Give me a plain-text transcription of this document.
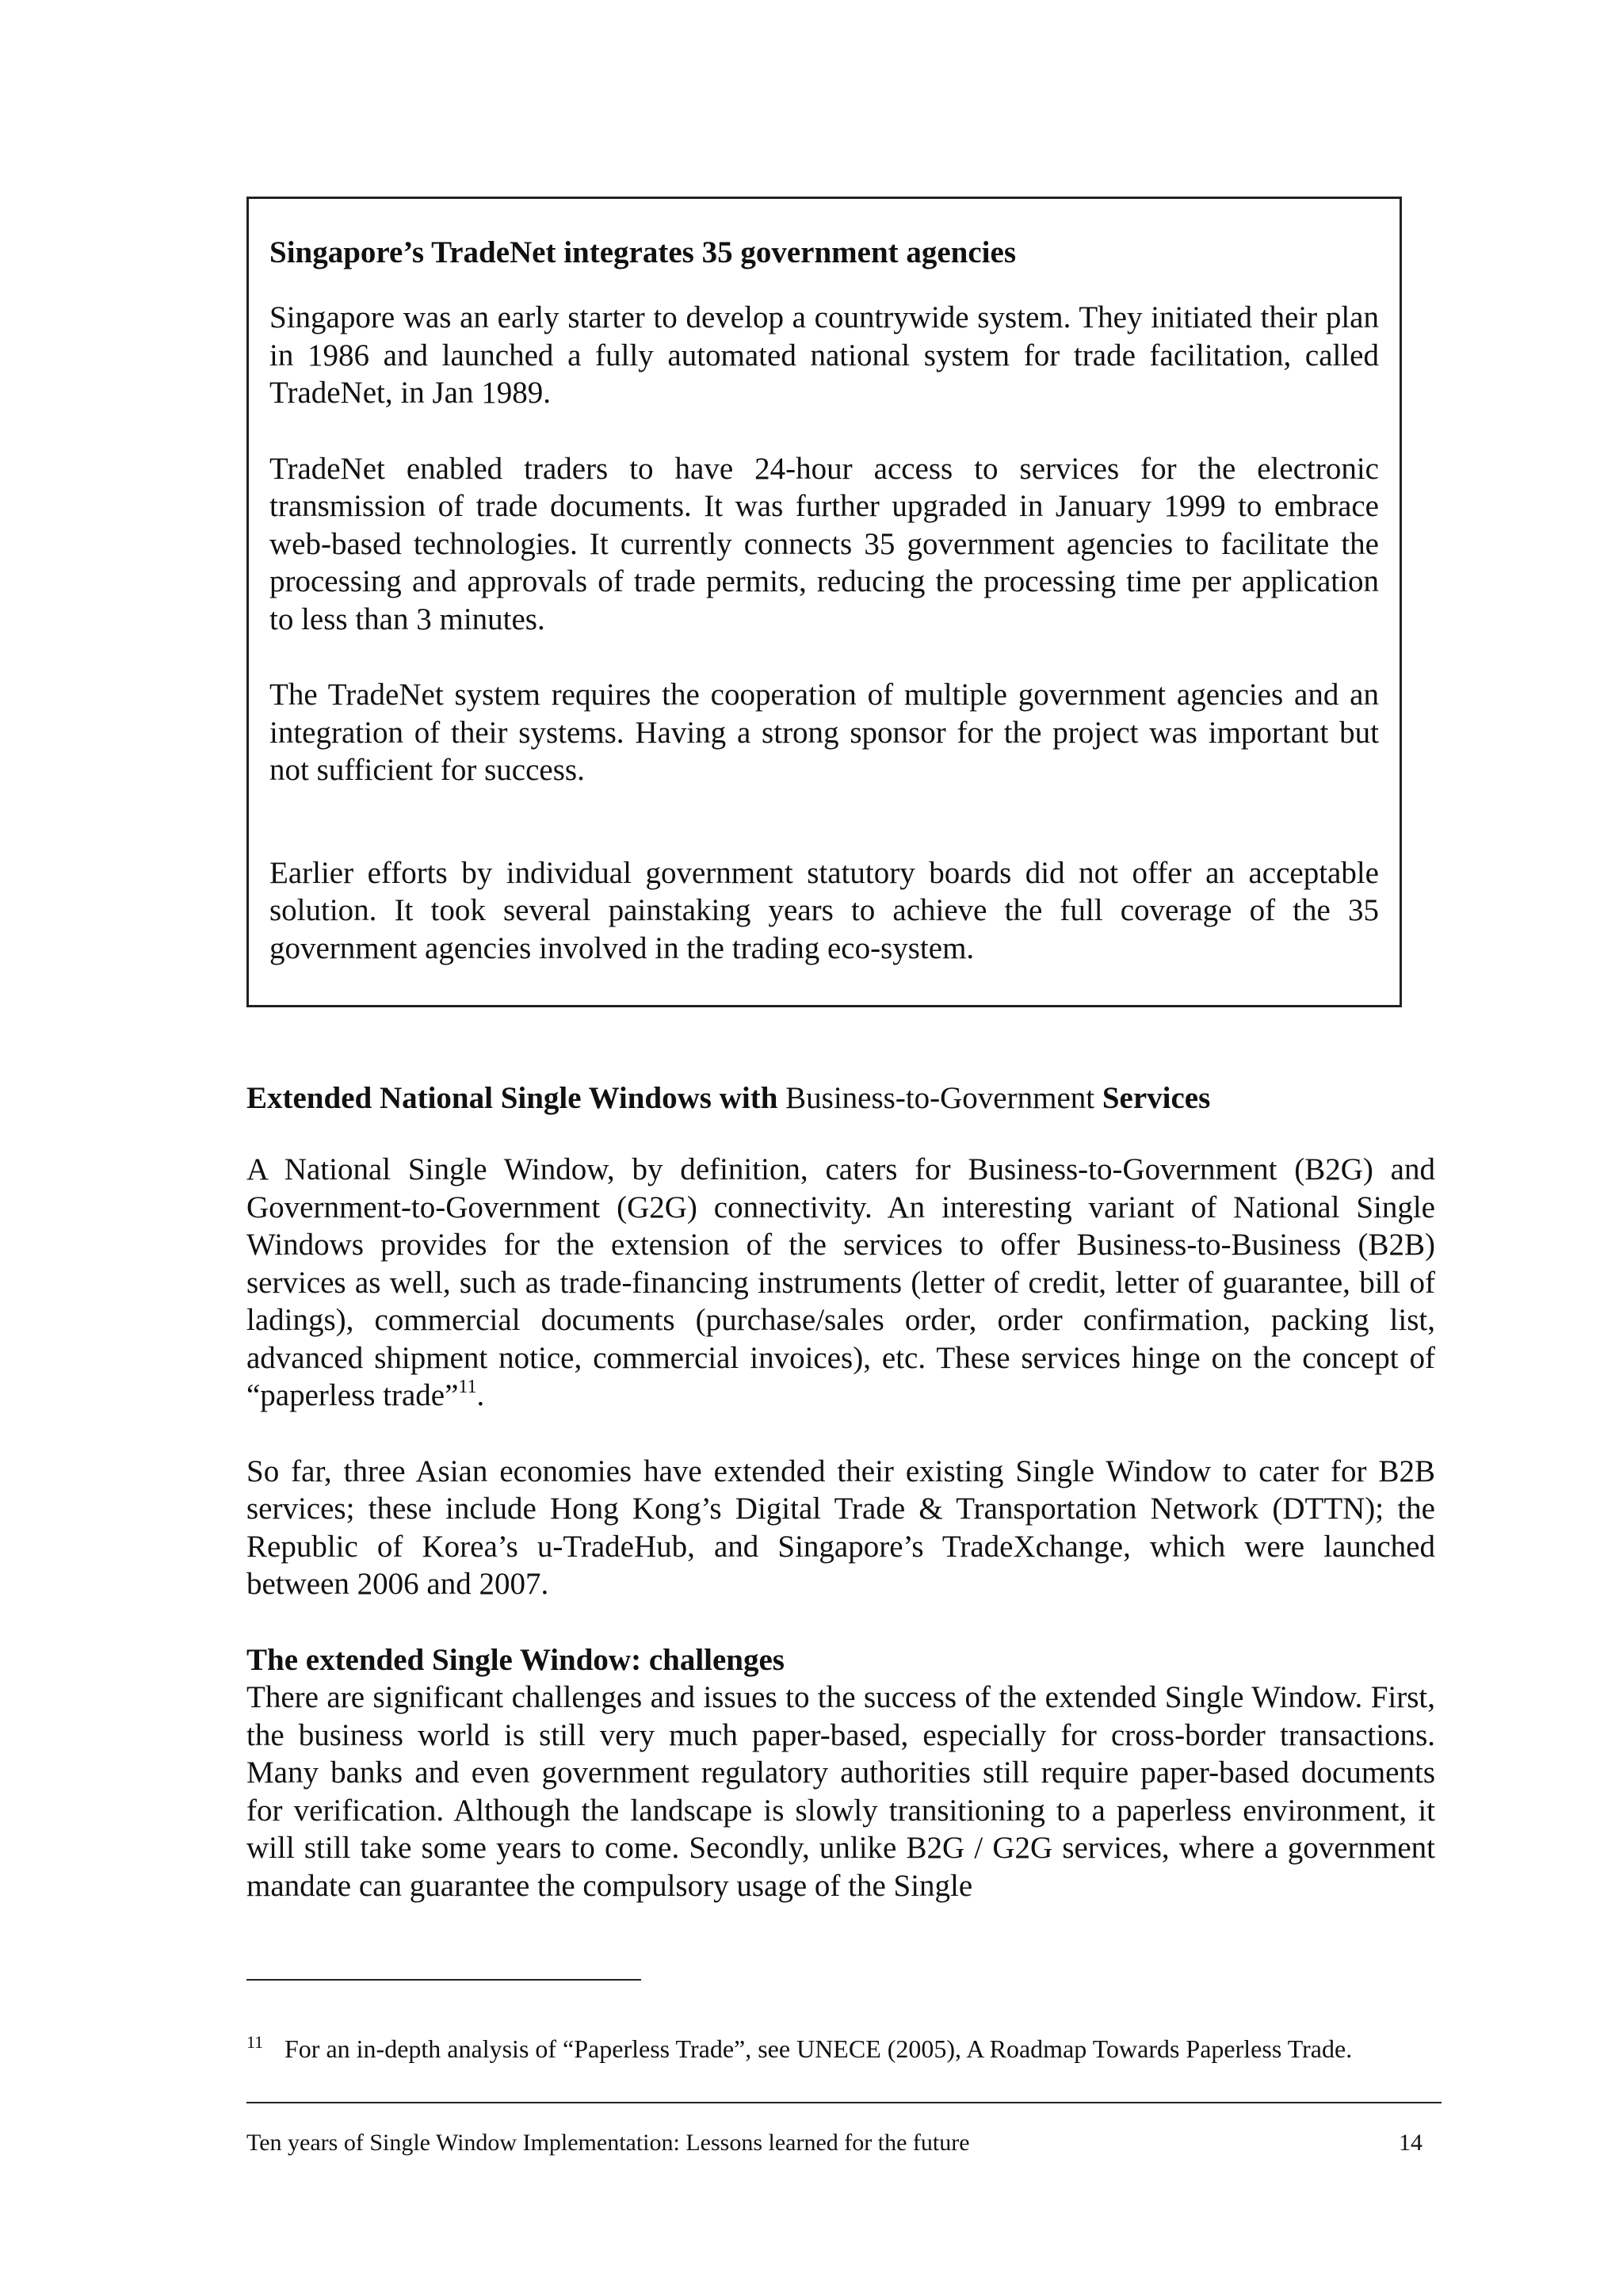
Singapore’s TradeNet integrates 35 government agencies

Singapore was an early starter to develop a countrywide system. They initiated their plan in 1986 and launched a fully automated national system for trade facilitation, called TradeNet, in Jan 1989.

TradeNet enabled traders to have 24-hour access to services for the electronic transmission of trade documents. It was further upgraded in January 1999 to embrace web-based technologies. It currently connects 35 government agencies to facilitate the processing and approvals of trade permits, reducing the processing time per application to less than 3 minutes.

The TradeNet system requires the cooperation of multiple government agencies and an integration of their systems. Having a strong sponsor for the project was important but not sufficient for success.

Earlier efforts by individual government statutory boards did not offer an acceptable solution. It took several painstaking years to achieve the full coverage of the 35 government agencies involved in the trading eco-system.

Extended National Single Windows with Business-to-Government Services

A National Single Window, by definition, caters for Business-to-Government (B2G) and Government-to-Government (G2G) connectivity. An interesting variant of National Single Windows provides for the extension of the services to offer Business-to-Business (B2B) services as well, such as trade-financing instruments (letter of credit, letter of guarantee, bill of ladings), commercial documents (purchase/sales order, order confirmation, packing list, advanced shipment notice, commercial invoices), etc. These services hinge on the concept of “paperless trade”$^{11}$.

So far, three Asian economies have extended their existing Single Window to cater for B2B services; these include Hong Kong’s Digital Trade & Transportation Network (DTTN); the Republic of Korea’s u-TradeHub, and Singapore’s TradeXchange, which were launched between 2006 and 2007.

The extended Single Window: challenges

There are significant challenges and issues to the success of the extended Single Window. First, the business world is still very much paper-based, especially for cross-border transactions. Many banks and even government regulatory authorities still require paper-based documents for verification. Although the landscape is slowly transitioning to a paperless environment, it will still take some years to come. Secondly, unlike B2G / G2G services, where a government mandate can guarantee the compulsory usage of the Single

11 For an in-depth analysis of “Paperless Trade”, see UNECE (2005), A Roadmap Towards Paperless Trade.
Ten years of Single Window Implementation: Lessons learned for the future	14
